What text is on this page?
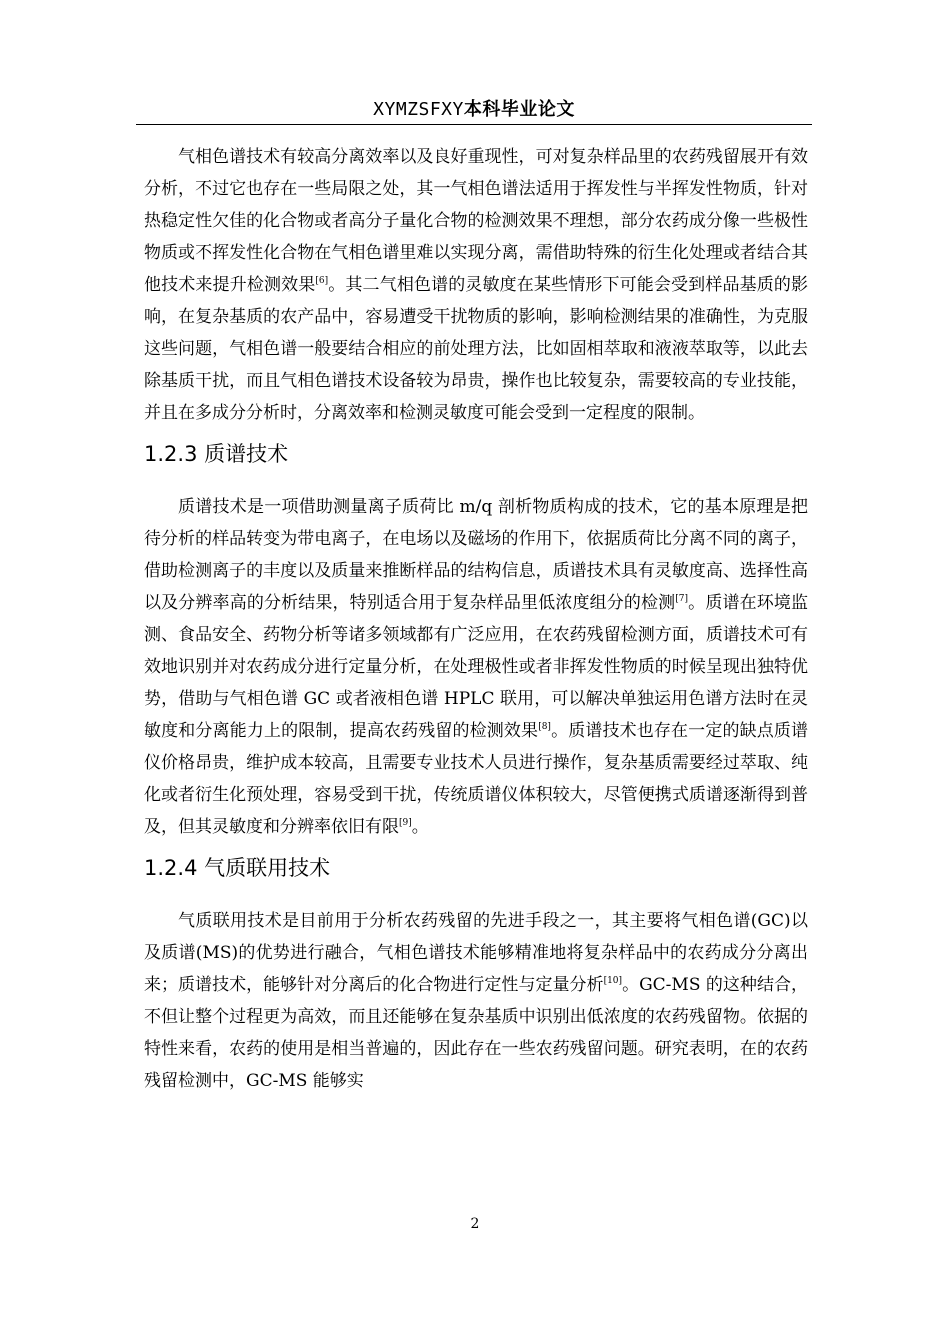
XYMZSFXY本科毕业论文

气相色谱技术有较高分离效率以及良好重现性，可对复杂样品里的农药残留展开有效分析，不过它也存在一些局限之处，其一气相色谱法适用于挥发性与半挥发性物质，针对热稳定性欠佳的化合物或者高分子量化合物的检测效果不理想，部分农药成分像一些极性物质或不挥发性化合物在气相色谱里难以实现分离，需借助特殊的衍生化处理或者结合其他技术来提升检测效果[6]。其二气相色谱的灵敏度在某些情形下可能会受到样品基质的影响，在复杂基质的农产品中，容易遭受干扰物质的影响，影响检测结果的准确性，为克服这些问题，气相色谱一般要结合相应的前处理方法，比如固相萃取和液液萃取等，以此去除基质干扰，而且气相色谱技术设备较为昂贵，操作也比较复杂，需要较高的专业技能，并且在多成分分析时，分离效率和检测灵敏度可能会受到一定程度的限制。

1.2.3 质谱技术

质谱技术是一项借助测量离子质荷比 m/q 剖析物质构成的技术，它的基本原理是把待分析的样品转变为带电离子，在电场以及磁场的作用下，依据质荷比分离不同的离子，借助检测离子的丰度以及质量来推断样品的结构信息，质谱技术具有灵敏度高、选择性高以及分辨率高的分析结果，特别适合用于复杂样品里低浓度组分的检测[7]。质谱在环境监测、食品安全、药物分析等诸多领域都有广泛应用，在农药残留检测方面，质谱技术可有效地识别并对农药成分进行定量分析，在处理极性或者非挥发性物质的时候呈现出独特优势，借助与气相色谱 GC 或者液相色谱 HPLC 联用，可以解决单独运用色谱方法时在灵敏度和分离能力上的限制，提高农药残留的检测效果[8]。质谱技术也存在一定的缺点质谱仪价格昂贵，维护成本较高，且需要专业技术人员进行操作，复杂基质需要经过萃取、纯化或者衍生化预处理，容易受到干扰，传统质谱仪体积较大，尽管便携式质谱逐渐得到普及，但其灵敏度和分辨率依旧有限[9]。

1.2.4 气质联用技术

气质联用技术是目前用于分析农药残留的先进手段之一，其主要将气相色谱(GC)以及质谱(MS)的优势进行融合，气相色谱技术能够精准地将复杂样品中的农药成分分离出来；质谱技术，能够针对分离后的化合物进行定性与定量分析[10]。GC-MS 的这种结合，不但让整个过程更为高效，而且还能够在复杂基质中识别出低浓度的农药残留物。依据的特性来看，农药的使用是相当普遍的，因此存在一些农药残留问题。研究表明，在的农药残留检测中，GC-MS 能够实

2
